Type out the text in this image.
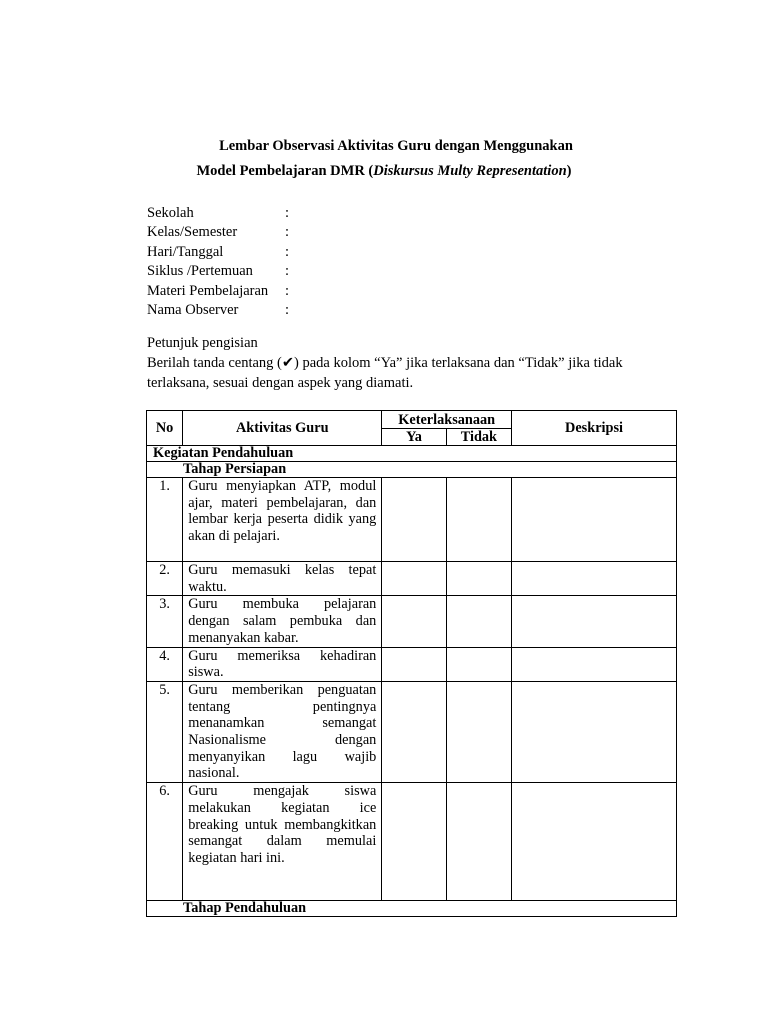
Lembar Observasi Aktivitas Guru dengan Menggunakan
Model Pembelajaran DMR (Diskursus Multy Representation)
Sekolah	:
Kelas/Semester	:
Hari/Tanggal	:
Siklus /Pertemuan :
Materi Pembelajaran :
Nama Observer	:

Petunjuk pengisian

Berilah tanda centang (✔) pada kolom “Ya” jika terlaksana dan “Tidak” jika tidak terlaksana, sesuai dengan aspek yang diamati.

No	Aktivitas Guru	Keterlaksanaan		Deskripsi
		Ya	Tidak	
Kegiatan Pendahuluan				
Tahap Persiapan				
1.	Guru menyiapkan ATP, modul ajar, materi pembelajaran, dan lembar kerja peserta didik yang akan di pelajari.			
2.	Guru memasuki kelas tepat waktu.			
3.	Guru membuka pelajaran dengan salam pembuka dan menanyakan kabar.			
4.	Guru memeriksa kehadiran siswa.			
5.	Guru memberikan penguatan tentang pentingnya menanamkan semangat Nasionalisme dengan menyanyikan lagu wajib nasional.			
6.	Guru mengajak siswa melakukan kegiatan ice breaking untuk membangkitkan semangat dalam memulai kegiatan hari ini.			
Tahap Pendahuluan				
